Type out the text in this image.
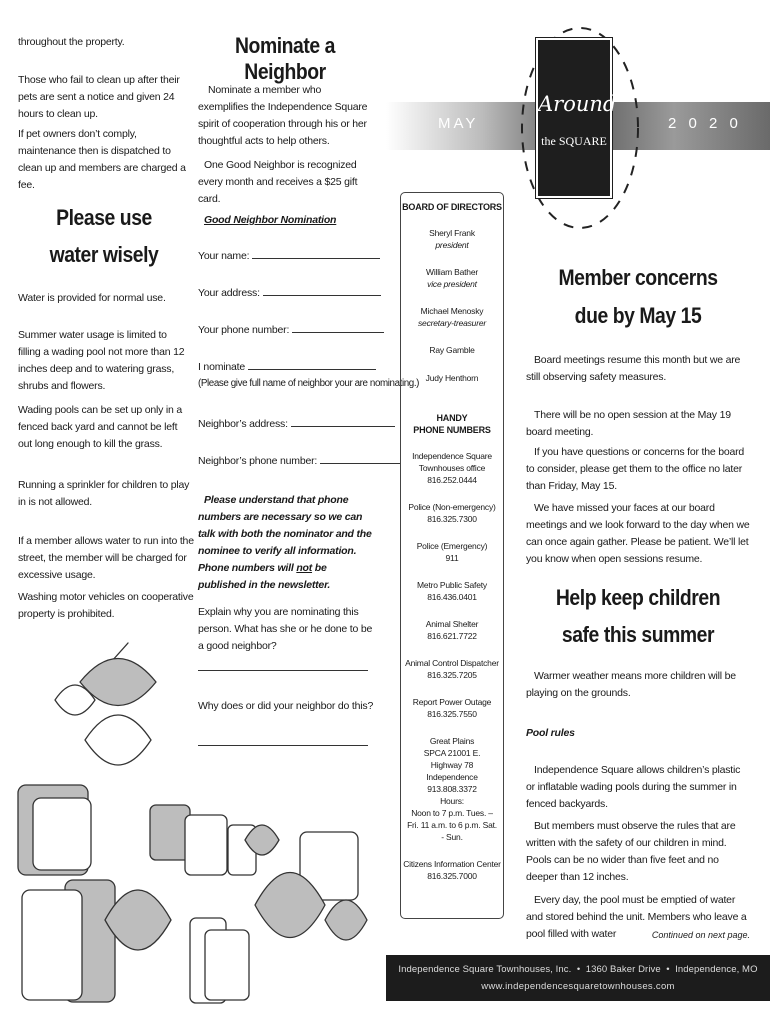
throughout the property.
Those who fail to clean up after their pets are sent a notice and given 24 hours to clean up.
If pet owners don’t comply, maintenance then is dispatched to clean up and members are charged a fee.
Please use
water wisely
Water is provided for normal use.
Summer water usage is limited to filling a wading pool not more than 12 inches deep and to watering grass, shrubs and flowers.
Wading pools can be set up only in a fenced back yard and cannot be left out long enough to kill the grass.
Running a sprinkler for children to play in is not allowed.
If a member allows water to run into the street, the member will be charged for excessive usage.
Washing motor vehicles on cooperative property is prohibited.
Nominate a Neighbor
Nominate a member who exemplifies the Independence Square spirit of cooperation through his or her thoughtful acts to help others.
One Good Neighbor is recognized every month and receives a $25 gift card.
Good Neighbor Nomination
Your name:
Your address:
Your phone number:
I nominate
(Please give full name of neighbor your are nominating.)
Neighbor’s address:
Neighbor’s phone number:
Please understand that phone numbers are necessary so we can talk with both the nominator and the nominee to verify all information. Phone numbers will not be published in the newsletter.
Explain why you are nominating this person. What has she or he done to be a good neighbor?
Why does or did your neighbor do this?
MAY	2 0 2 0
Around
the SQUARE
BOARD OF DIRECTORS
Sheryl Frank
president
William Bather
vice president
Michael Menosky
secretary-treasurer
Ray Gamble
Judy Henthorn
HANDY
PHONE NUMBERS
Independence Square Townhouses office
816.252.0444
Police (Non-emergency)
816.325.7300
Police (Emergency)
911
Metro Public Safety
816.436.0401
Animal Shelter
816.621.7722
Animal Control Dispatcher
816.325.7205
Report Power Outage
816.325.7550
Great Plains SPCA 21001 E. Highway 78 Independence
913.808.3372
Hours:
Noon to 7 p.m. Tues. – Fri. 11 a.m. to 6 p.m. Sat. - Sun.
Citizens Information Center
816.325.7000
Member concerns
due by May 15
Board meetings resume this month but we are still observing safety measures.
There will be no open session at the May 19 board meeting.
If you have questions or concerns for the board to consider, please get them to the office no later than Friday, May 15.
We have missed your faces at our board meetings and we look forward to the day when we can once again gather. Please be patient. We’ll let you know when open sessions resume.
Help keep children
safe this summer
Warmer weather means more children will be playing on the grounds.
Pool rules
Independence Square allows children’s plastic or inflatable wading pools during the summer in fenced backyards.
But members must observe the rules that are written with the safety of our children in mind. Pools can be no wider than five feet and no deeper than 12 inches.
Every day, the pool must be emptied of water and stored behind the unit. Members who leave a pool filled with water	Continued on next page.
Independence Square Townhouses, Inc.  •  1360 Baker Drive  •  Independence, MO
www.independencesquaretownhouses.com
